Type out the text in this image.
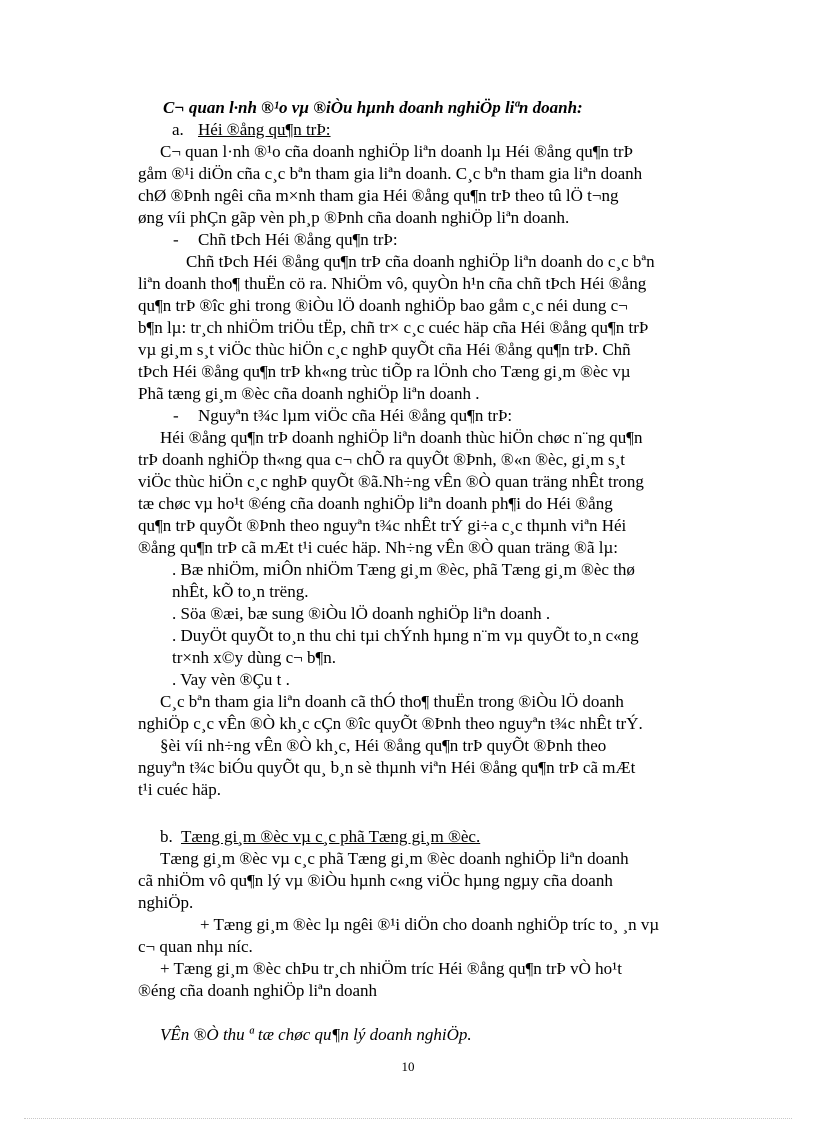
C¬ quan l·nh ®¹o vµ ®iÒu hµnh doanh nghiÖp liªn doanh:
a. Héi ®ång qu¶n trÞ:
C¬ quan l·nh ®¹o cña doanh nghiÖp liªn doanh lµ Héi ®ång qu¶n trÞ
gåm ®¹i diÖn cña c¸c bªn tham gia liªn doanh. C¸c bªn tham gia liªn doanh
chØ ®Þnh ngêi cña m×nh tham gia Héi ®ång qu¶n trÞ theo tû lÖ t¬ng
øng víi phÇn gãp vèn ph¸p ®Þnh cña doanh nghiÖp liªn doanh.
- Chñ tÞch Héi ®ång qu¶n trÞ:
Chñ tÞch Héi ®ång qu¶n trÞ cña doanh nghiÖp liªn doanh do c¸c bªn
liªn doanh tho¶ thuËn cö ra. NhiÖm vô, quyÒn h¹n cña chñ tÞch Héi ®ång
qu¶n trÞ ®îc ghi trong ®iÒu lÖ doanh nghiÖp bao gåm c¸c néi dung c¬
b¶n lµ: tr¸ch nhiÖm triÖu tËp, chñ tr× c¸c cuéc häp cña Héi ®ång qu¶n trÞ
vµ gi¸m s¸t viÖc thùc hiÖn c¸c nghÞ quyÕt cña Héi ®ång qu¶n trÞ. Chñ
tÞch Héi ®ång qu¶n trÞ kh«ng trùc tiÕp ra lÖnh cho Tæng gi¸m ®èc vµ
Phã tæng gi¸m ®èc cña doanh nghiÖp liªn doanh .
- Nguyªn t¾c lµm viÖc cña Héi ®ång qu¶n trÞ:
Héi ®ång qu¶n trÞ doanh nghiÖp liªn doanh thùc hiÖn chøc n¨ng qu¶n
trÞ doanh nghiÖp th«ng qua c¬ chÕ ra quyÕt ®Þnh, ®«n ®èc, gi¸m s¸t
viÖc thùc hiÖn c¸c nghÞ quyÕt ®ã.Nh÷ng vÊn ®Ò quan träng nhÊt trong
tæ chøc vµ ho¹t ®éng cña doanh nghiÖp liªn doanh ph¶i do Héi ®ång
qu¶n trÞ quyÕt ®Þnh theo nguyªn t¾c nhÊt trÝ gi÷a c¸c thµnh viªn Héi
®ång qu¶n trÞ cã mÆt t¹i cuéc häp. Nh÷ng vÊn ®Ò quan träng ®ã lµ:
. Bæ nhiÖm, miÔn nhiÖm Tæng gi¸m ®èc, phã Tæng gi¸m ®èc thø
nhÊt, kÕ to¸n trëng.
. Söa ®æi, bæ sung ®iÒu lÖ doanh nghiÖp liªn doanh .
. DuyÖt quyÕt to¸n thu chi tµi chÝnh hµng n¨m vµ quyÕt to¸n c«ng
tr×nh x©y dùng c¬ b¶n.
. Vay vèn ®Çu t .
C¸c bªn tham gia liªn doanh cã thÓ tho¶ thuËn trong ®iÒu lÖ doanh
nghiÖp c¸c vÊn ®Ò kh¸c cÇn ®îc quyÕt ®Þnh theo nguyªn t¾c nhÊt trÝ.
§èi víi nh÷ng vÊn ®Ò kh¸c, Héi ®ång qu¶n trÞ quyÕt ®Þnh theo
nguyªn t¾c biÓu quyÕt qu¸ b¸n sè thµnh viªn Héi ®ång qu¶n trÞ cã mÆt
t¹i cuéc häp.
b. Tæng gi¸m ®èc vµ c¸c phã Tæng gi¸m ®èc.
Tæng gi¸m ®èc vµ c¸c phã Tæng gi¸m ®èc doanh nghiÖp liªn doanh
cã nhiÖm vô qu¶n lý vµ ®iÒu hµnh c«ng viÖc hµng ngµy cña doanh
nghiÖp.
+ Tæng gi¸m ®èc lµ ngêi ®¹i diÖn cho doanh nghiÖp tríc to¸ ¸n vµ
c¬ quan nhµ níc.
+ Tæng gi¸m ®èc chÞu tr¸ch nhiÖm tríc Héi ®ång qu¶n trÞ vÒ ho¹t
®éng cña doanh nghiÖp liªn doanh
VÊn ®Ò thu ª tæ chøc qu¶n lý doanh nghiÖp.
10
